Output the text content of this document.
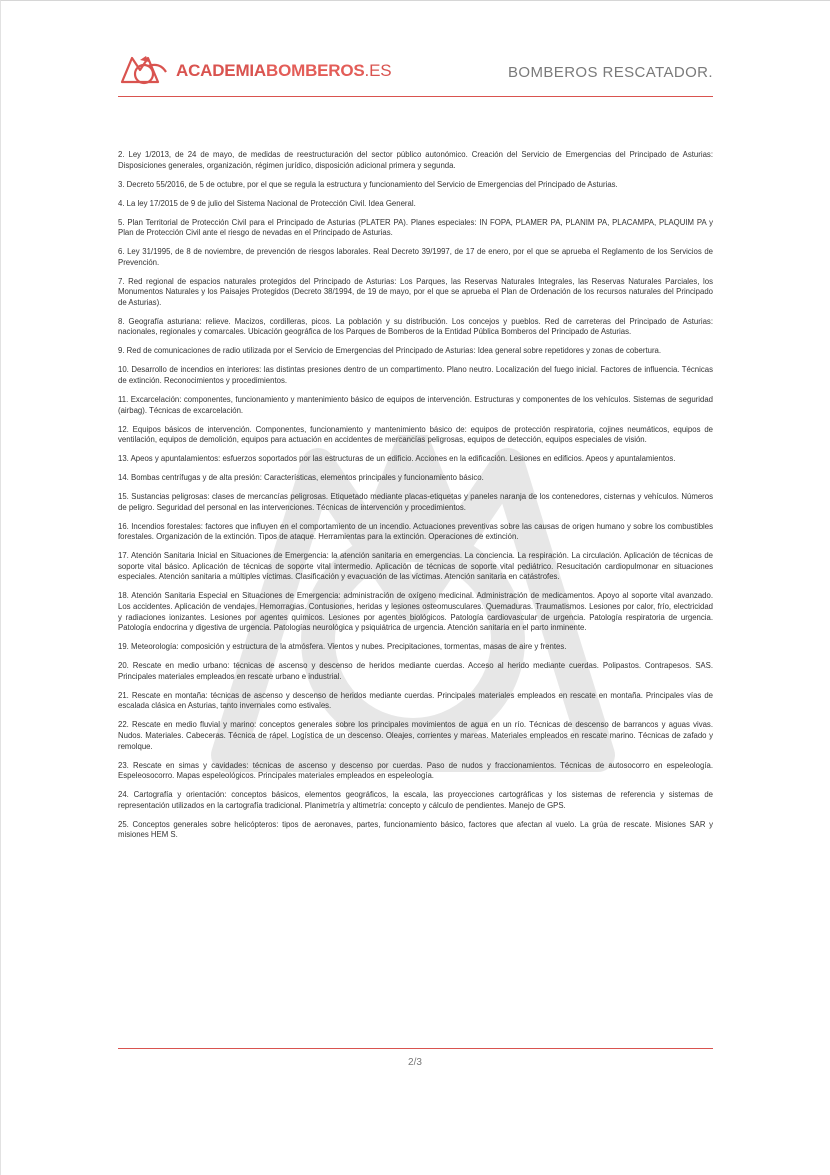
ACADEMIABOMBEROS.ES	BOMBEROS RESCATADOR.

2. Ley 1/2013, de 24 de mayo, de medidas de reestructuración del sector público autonómico. Creación del Servicio de Emergencias del Principado de Asturias: Disposiciones generales, organización, régimen jurídico, disposición adicional primera y segunda.

3. Decreto 55/2016, de 5 de octubre, por el que se regula la estructura y funcionamiento del Servicio de Emergencias del Principado de Asturias.

4. La ley 17/2015 de 9 de julio del Sistema Nacional de Protección Civil. Idea General.

5. Plan Territorial de Protección Civil para el Principado de Asturias (PLATER PA). Planes especiales: IN FOPA, PLAMER PA, PLANIM PA, PLACAMPA, PLAQUIM PA y Plan de Protección Civil ante el riesgo de nevadas en el Principado de Asturias.

6. Ley 31/1995, de 8 de noviembre, de prevención de riesgos laborales. Real Decreto 39/1997, de 17 de enero, por el que se aprueba el Reglamento de los Servicios de Prevención.

7. Red regional de espacios naturales protegidos del Principado de Asturias: Los Parques, las Reservas Naturales Integrales, las Reservas Naturales Parciales, los Monumentos Naturales y los Paisajes Protegidos (Decreto 38/1994, de 19 de mayo, por el que se aprueba el Plan de Ordenación de los recursos naturales del Principado de Asturias).

8. Geografía asturiana: relieve. Macizos, cordilleras, picos. La población y su distribución. Los concejos y pueblos. Red de carreteras del Principado de Asturias: nacionales, regionales y comarcales. Ubicación geográfica de los Parques de Bomberos de la Entidad Pública Bomberos del Principado de Asturias.

9. Red de comunicaciones de radio utilizada por el Servicio de Emergencias del Principado de Asturias: Idea general sobre repetidores y zonas de cobertura.

10. Desarrollo de incendios en interiores: las distintas presiones dentro de un compartimento. Plano neutro. Localización del fuego inicial. Factores de influencia. Técnicas de extinción. Reconocimientos y procedimientos.

11. Excarcelación: componentes, funcionamiento y mantenimiento básico de equipos de intervención. Estructuras y componentes de los vehículos. Sistemas de seguridad (airbag). Técnicas de excarcelación.

12. Equipos básicos de intervención. Componentes, funcionamiento y mantenimiento básico de: equipos de protección respiratoria, cojines neumáticos, equipos de ventilación, equipos de demolición, equipos para actuación en accidentes de mercancías peligrosas, equipos de detección, equipos especiales de visión.

13. Apeos y apuntalamientos: esfuerzos soportados por las estructuras de un edificio. Acciones en la edificación. Lesiones en edificios. Apeos y apuntalamientos.

14. Bombas centrífugas y de alta presión: Características, elementos principales y funcionamiento básico.

15. Sustancias peligrosas: clases de mercancías peligrosas. Etiquetado mediante placas-etiquetas y paneles naranja de los contenedores, cisternas y vehículos. Números de peligro. Seguridad del personal en las intervenciones. Técnicas de intervención y procedimientos.

16. Incendios forestales: factores que influyen en el comportamiento de un incendio. Actuaciones preventivas sobre las causas de origen humano y sobre los combustibles forestales. Organización de la extinción. Tipos de ataque. Herramientas para la extinción. Operaciones de extinción.

17. Atención Sanitaria Inicial en Situaciones de Emergencia: la atención sanitaria en emergencias. La conciencia. La respiración. La circulación. Aplicación de técnicas de soporte vital básico. Aplicación de técnicas de soporte vital intermedio. Aplicación de técnicas de soporte vital pediátrico. Resucitación cardiopulmonar en situaciones especiales. Atención sanitaria a múltiples víctimas. Clasificación y evacuación de las víctimas. Atención sanitaria en catástrofes.

18. Atención Sanitaria Especial en Situaciones de Emergencia: administración de oxígeno medicinal. Administración de medicamentos. Apoyo al soporte vital avanzado. Los accidentes. Aplicación de vendajes. Hemorragias. Contusiones, heridas y lesiones osteomusculares. Quemaduras. Traumatismos. Lesiones por calor, frío, electricidad y radiaciones ionizantes. Lesiones por agentes químicos. Lesiones por agentes biológicos. Patología cardiovascular de urgencia. Patología respiratoria de urgencia. Patología endocrina y digestiva de urgencia. Patologías neurológica y psiquiátrica de urgencia. Atención sanitaria en el parto inminente.

19. Meteorología: composición y estructura de la atmósfera. Vientos y nubes. Precipitaciones, tormentas, masas de aire y frentes.

20. Rescate en medio urbano: técnicas de ascenso y descenso de heridos mediante cuerdas. Acceso al herido mediante cuerdas. Polipastos. Contrapesos. SAS. Principales materiales empleados en rescate urbano e industrial.

21. Rescate en montaña: técnicas de ascenso y descenso de heridos mediante cuerdas. Principales materiales empleados en rescate en montaña. Principales vías de escalada clásica en Asturias, tanto invernales como estivales.

22. Rescate en medio fluvial y marino: conceptos generales sobre los principales movimientos de agua en un río. Técnicas de descenso de barrancos y aguas vivas. Nudos. Materiales. Cabeceras. Técnica de rápel. Logística de un descenso. Oleajes, corrientes y mareas. Materiales empleados en rescate marino. Técnicas de zafado y remolque.

23. Rescate en simas y cavidades: técnicas de ascenso y descenso por cuerdas. Paso de nudos y fraccionamientos. Técnicas de autosocorro en espeleología. Espeleosocorro. Mapas espeleológicos. Principales materiales empleados en espeleología.

24. Cartografía y orientación: conceptos básicos, elementos geográficos, la escala, las proyecciones cartográficas y los sistemas de referencia y sistemas de representación utilizados en la cartografía tradicional. Planimetría y altimetría: concepto y cálculo de pendientes. Manejo de GPS.

25. Conceptos generales sobre helicópteros: tipos de aeronaves, partes, funcionamiento básico, factores que afectan al vuelo. La grúa de rescate. Misiones SAR y misiones HEM S.

2/3
